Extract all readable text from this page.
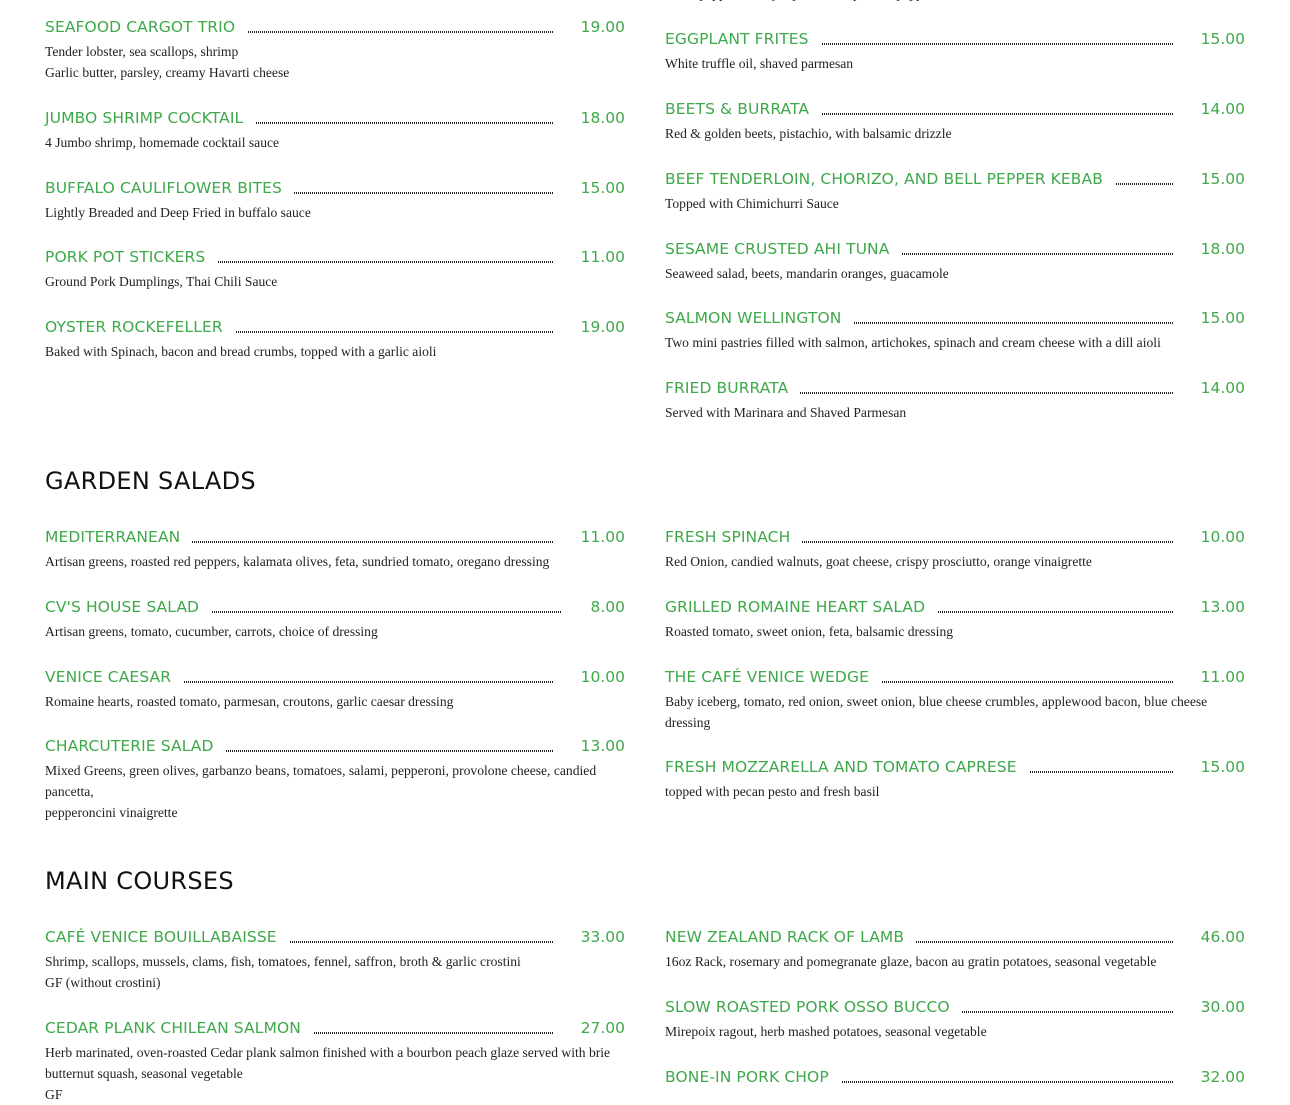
SEAFOOD CARGOT TRIO	19.00
Tender lobster, sea scallops, shrimp
Garlic butter, parsley, creamy Havarti cheese
JUMBO SHRIMP COCKTAIL	18.00
4 Jumbo shrimp, homemade cocktail sauce
BUFFALO CAULIFLOWER BITES	15.00
Lightly Breaded and Deep Fried in buffalo sauce
PORK POT STICKERS	11.00
Ground Pork Dumplings, Thai Chili Sauce
OYSTER ROCKEFELLER	19.00
Baked with Spinach, bacon and bread crumbs, topped with a garlic aioli
EGGPLANT FRITES	15.00
White truffle oil, shaved parmesan
BEETS & BURRATA	14.00
Red & golden beets, pistachio, with balsamic drizzle
BEEF TENDERLOIN, CHORIZO, AND BELL PEPPER KEBAB	15.00
Topped with Chimichurri Sauce
SESAME CRUSTED AHI TUNA	18.00
Seaweed salad, beets, mandarin oranges, guacamole
SALMON WELLINGTON	15.00
Two mini pastries filled with salmon, artichokes, spinach and cream cheese with a dill aioli
FRIED BURRATA	14.00
Served with Marinara and Shaved Parmesan
MEDITERRANEAN	11.00
Artisan greens, roasted red peppers, kalamata olives, feta, sundried tomato, oregano dressing
CV'S HOUSE SALAD	8.00
Artisan greens, tomato, cucumber, carrots, choice of dressing
VENICE CAESAR	10.00
Romaine hearts, roasted tomato, parmesan, croutons, garlic caesar dressing
CHARCUTERIE SALAD	13.00
Mixed Greens, green olives, garbanzo beans, tomatoes, salami, pepperoni, provolone cheese, candied pancetta,
pepperoncini vinaigrette
FRESH SPINACH	10.00
Red Onion, candied walnuts, goat cheese, crispy prosciutto, orange vinaigrette
GRILLED ROMAINE HEART SALAD	13.00
Roasted tomato, sweet onion, feta, balsamic dressing
THE CAFÉ VENICE WEDGE	11.00
Baby iceberg, tomato, red onion, sweet onion, blue cheese crumbles, applewood bacon, blue cheese dressing
FRESH MOZZARELLA AND TOMATO CAPRESE	15.00
topped with pecan pesto and fresh basil
CAFÉ VENICE BOUILLABAISSE	33.00
Shrimp, scallops, mussels, clams, fish, tomatoes, fennel, saffron, broth & garlic crostini
GF (without crostini)
CEDAR PLANK CHILEAN SALMON	27.00
Herb marinated, oven-roasted Cedar plank salmon finished with a bourbon peach glaze served with brie butternut squash, seasonal vegetable
GF
NEW ZEALAND RACK OF LAMB	46.00
16oz Rack, rosemary and pomegranate glaze, bacon au gratin potatoes, seasonal vegetable
SLOW ROASTED PORK OSSO BUCCO	30.00
Mirepoix ragout, herb mashed potatoes, seasonal vegetable
BONE-IN PORK CHOP	32.00
GARDEN SALADS
MAIN COURSES
